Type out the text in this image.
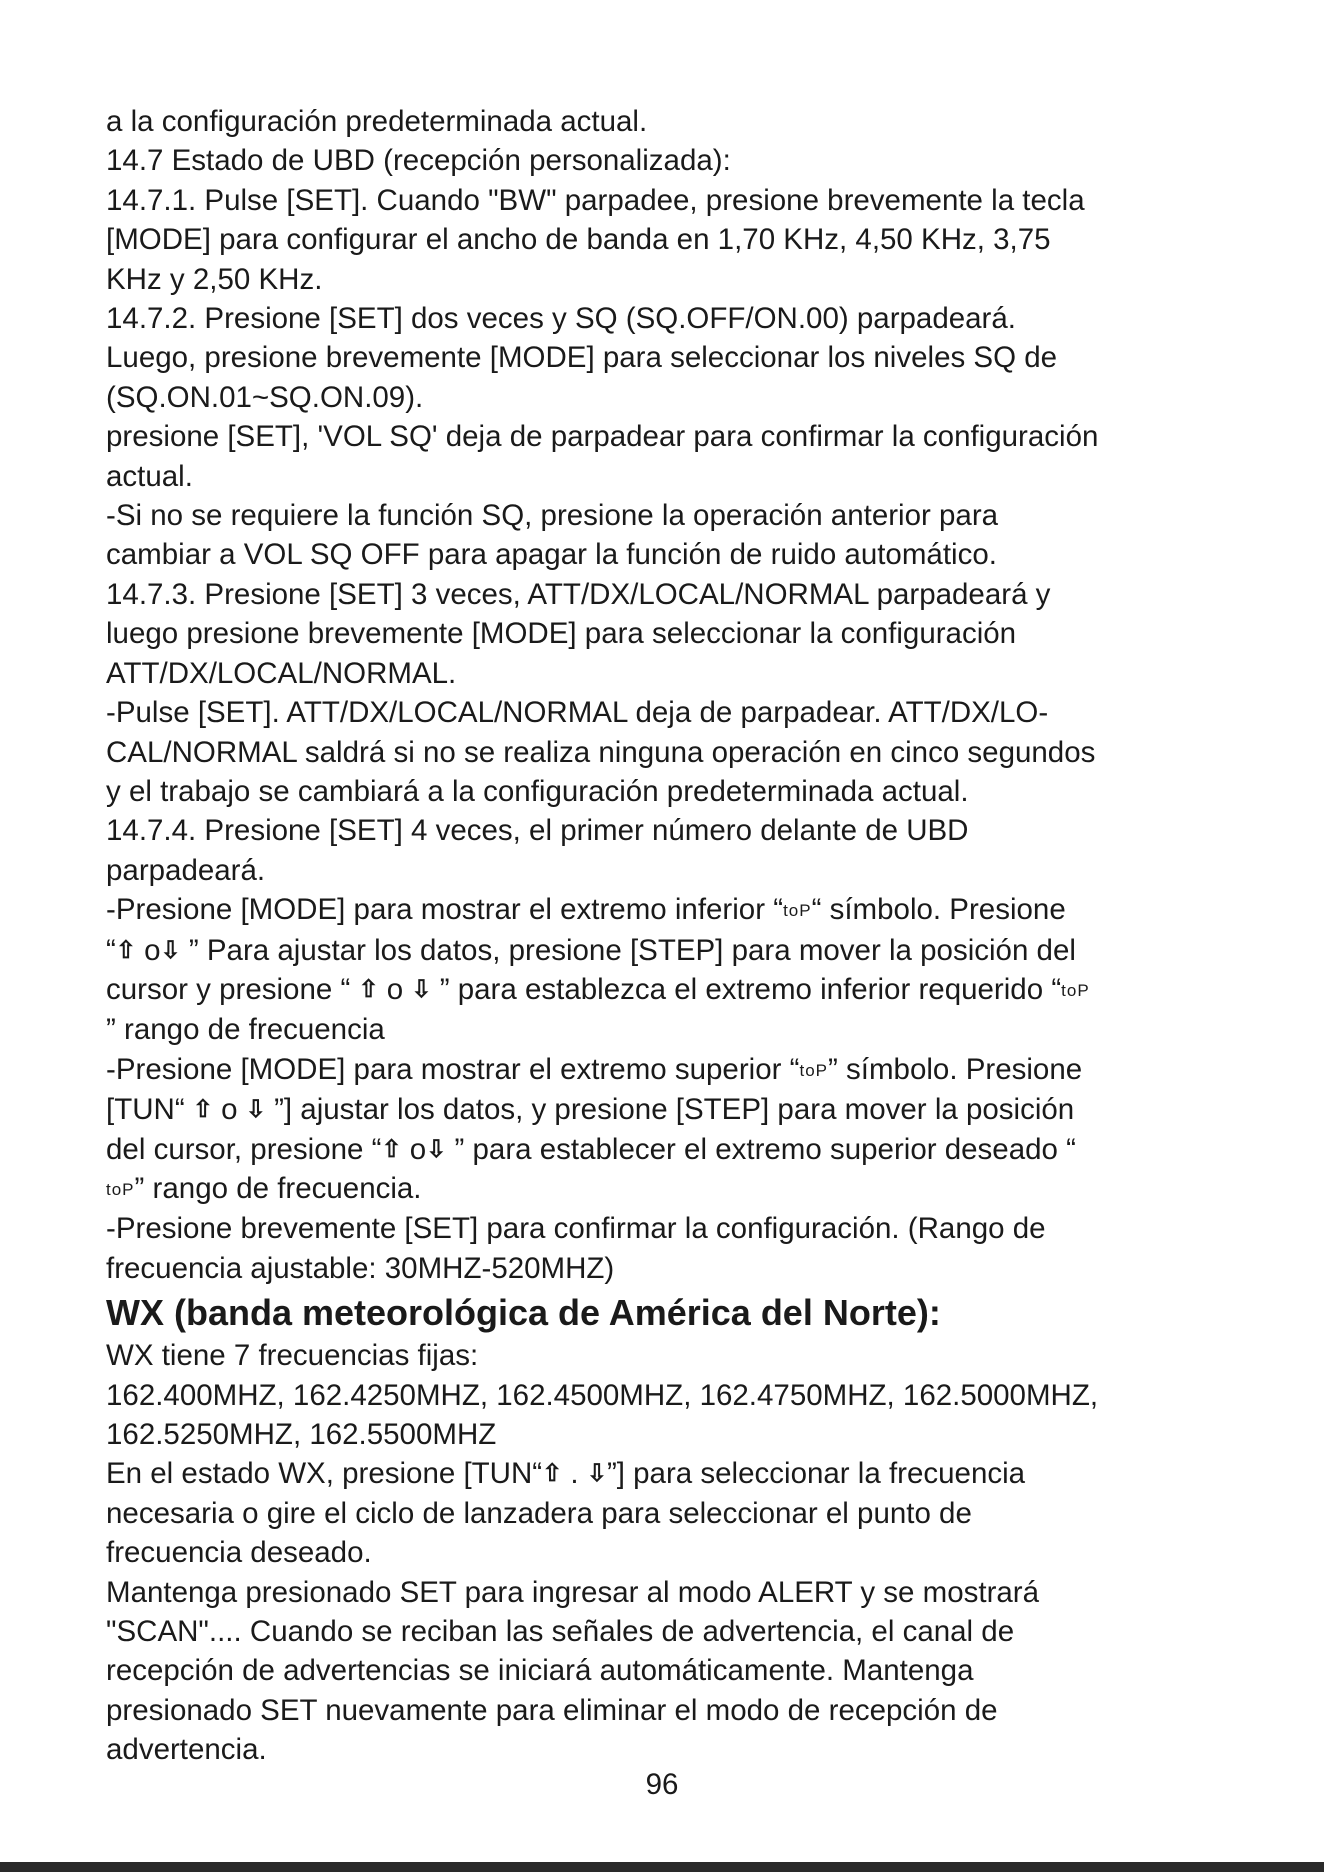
a la configuración predeterminada actual.

14.7 Estado de UBD (recepción personalizada):

14.7.1. Pulse [SET]. Cuando "BW" parpadee, presione brevemente la tecla

[MODE] para configurar el ancho de banda en 1,70 KHz, 4,50 KHz, 3,75

KHz y 2,50 KHz.

14.7.2. Presione [SET] dos veces y SQ (SQ.OFF/ON.00) parpadeará.

Luego, presione brevemente [MODE] para seleccionar los niveles SQ de

(SQ.ON.01~SQ.ON.09).

presione [SET], 'VOL SQ' deja de parpadear para confirmar la configuración

actual.

-Si no se requiere la función SQ, presione la operación anterior para

cambiar a VOL SQ OFF para apagar la función de ruido automático.

14.7.3. Presione [SET] 3 veces, ATT/DX/LOCAL/NORMAL parpadeará y

luego presione brevemente [MODE] para seleccionar la configuración

ATT/DX/LOCAL/NORMAL.

-Pulse [SET]. ATT/DX/LOCAL/NORMAL deja de parpadear. ATT/DX/LO-

CAL/NORMAL saldrá si no se realiza ninguna operación en cinco segundos

y el trabajo se cambiará a la configuración predeterminada actual.

14.7.4. Presione [SET] 4 veces, el primer número delante de UBD

parpadeará.

-Presione [MODE] para mostrar el extremo inferior “toP“ símbolo. Presione

“⇧ o⇩ ” Para ajustar los datos, presione [STEP] para mover la posición del

cursor y presione “ ⇧ o ⇩ ” para establezca el extremo inferior requerido “toP

” rango de frecuencia

-Presione [MODE] para mostrar el extremo superior “toP” símbolo. Presione

[TUN“ ⇧ o ⇩ ”] ajustar los datos, y presione [STEP] para mover la posición

del cursor, presione “⇧ o⇩ ” para establecer el extremo superior deseado “

toP” rango de frecuencia.

-Presione brevemente [SET] para confirmar la configuración. (Rango de

frecuencia ajustable: 30MHZ-520MHZ)

WX (banda meteorológica de América del Norte):

WX tiene 7 frecuencias fijas:

162.400MHZ, 162.4250MHZ, 162.4500MHZ, 162.4750MHZ, 162.5000MHZ,

162.5250MHZ, 162.5500MHZ

En el estado WX, presione [TUN“⇧ . ⇩”] para seleccionar la frecuencia

necesaria o gire el ciclo de lanzadera para seleccionar el punto de

frecuencia deseado.

Mantenga presionado SET para ingresar al modo ALERT y se mostrará

"SCAN".... Cuando se reciban las señales de advertencia, el canal de

recepción de advertencias se iniciará automáticamente. Mantenga

presionado SET nuevamente para eliminar el modo de recepción de

advertencia.

96
